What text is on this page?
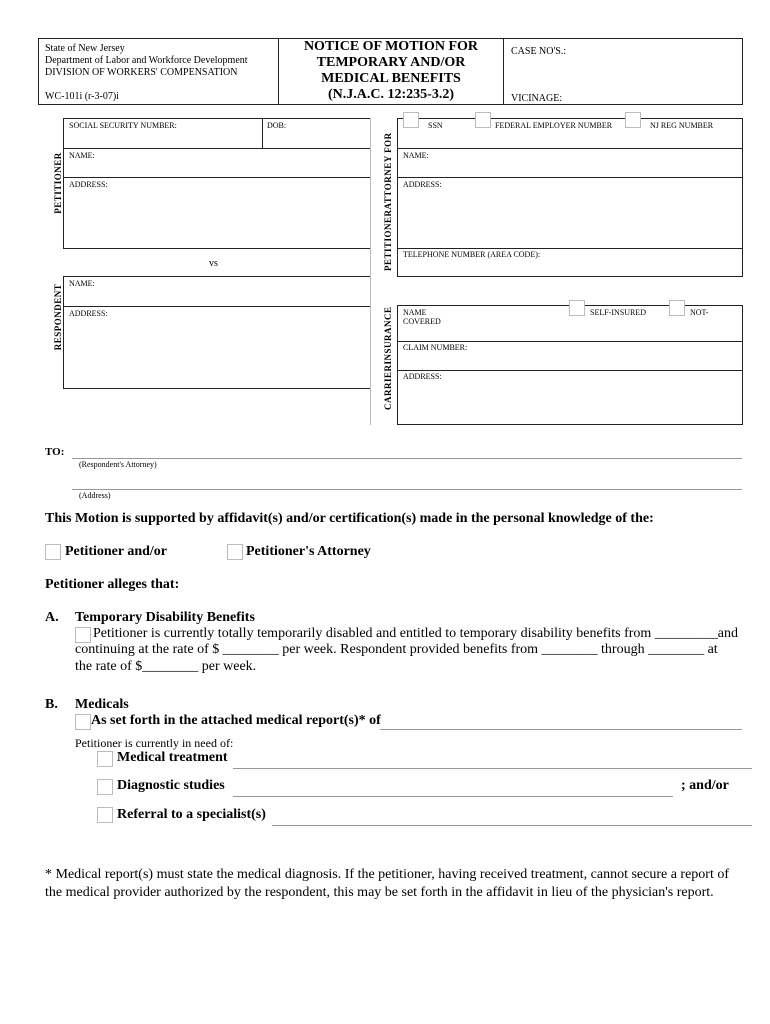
State of New Jersey
Department of Labor and Workforce Development
DIVISION OF WORKERS' COMPENSATION
WC-101i (r-3-07)i
NOTICE OF MOTION FOR
TEMPORARY AND/OR
MEDICAL BENEFITS
(N.J.A.C. 12:235-3.2)
CASE NO'S.:
VICINAGE:
SOCIAL SECURITY NUMBER:	DOB:
NAME:
ADDRESS:
PETITIONER
vs
NAME:
ADDRESS:
RESPONDENT
SSN	FEDERAL EMPLOYER NUMBER	NJ REG NUMBER
NAME:
ADDRESS:
TELEPHONE NUMBER (AREA CODE):
PETITIONERATTORNEY FOR
NAME
COVERED
SELF-INSURED	NOT-
CLAIM NUMBER:
ADDRESS:
CARRIERINSURANCE
TO:
(Respondent's Attorney)
(Address)
This Motion is supported by affidavit(s) and/or certification(s) made in the personal knowledge of the:
Petitioner and/or	Petitioner's Attorney
Petitioner alleges that:
A. Temporary Disability Benefits
Petitioner is currently totally temporarily disabled and entitled to temporary disability benefits from _________and
continuing at the rate of $ ________ per week. Respondent provided benefits from ________ through ________ at
the rate of $________ per week.
B. Medicals
As set forth in the attached medical report(s)* of
Petitioner is currently in need of:
Medical treatment
Diagnostic studies	; and/or
Referral to a specialist(s)
* Medical report(s) must state the medical diagnosis. If the petitioner, having received treatment, cannot secure a report of
the medical provider authorized by the respondent, this may be set forth in the affidavit in lieu of the physician's report.
